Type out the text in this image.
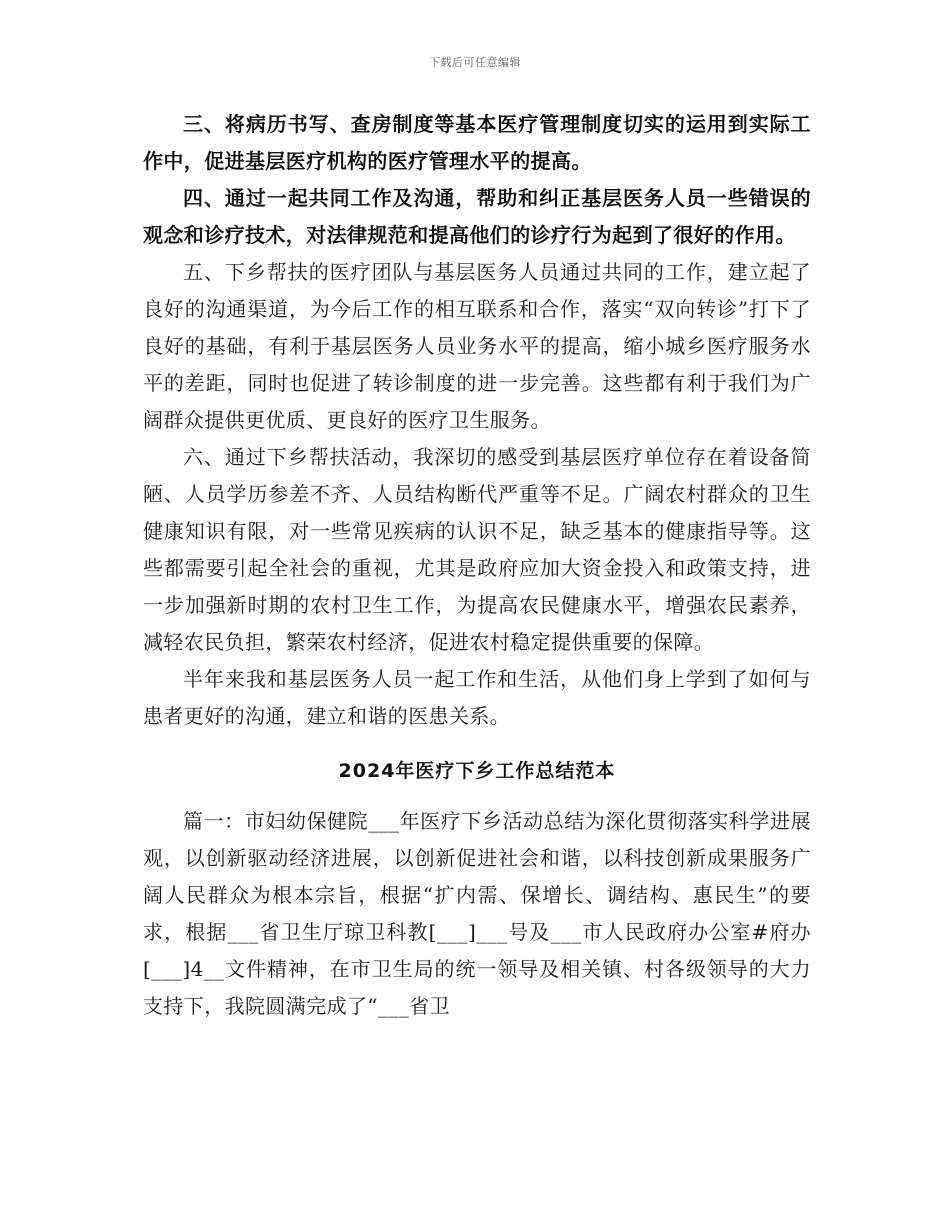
下载后可任意编辑

三、将病历书写、查房制度等基本医疗管理制度切实的运用到实际工作中，促进基层医疗机构的医疗管理水平的提高。

四、通过一起共同工作及沟通，帮助和纠正基层医务人员一些错误的观念和诊疗技术，对法律规范和提高他们的诊疗行为起到了很好的作用。

五、下乡帮扶的医疗团队与基层医务人员通过共同的工作，建立起了良好的沟通渠道，为今后工作的相互联系和合作，落实“双向转诊”打下了良好的基础，有利于基层医务人员业务水平的提高，缩小城乡医疗服务水平的差距，同时也促进了转诊制度的进一步完善。这些都有利于我们为广阔群众提供更优质、更良好的医疗卫生服务。

六、通过下乡帮扶活动，我深切的感受到基层医疗单位存在着设备简陋、人员学历参差不齐、人员结构断代严重等不足。广阔农村群众的卫生健康知识有限，对一些常见疾病的认识不足，缺乏基本的健康指导等。这些都需要引起全社会的重视，尤其是政府应加大资金投入和政策支持，进一步加强新时期的农村卫生工作，为提高农民健康水平，增强农民素养，减轻农民负担，繁荣农村经济，促进农村稳定提供重要的保障。

半年来我和基层医务人员一起工作和生活，从他们身上学到了如何与患者更好的沟通，建立和谐的医患关系。

2024年医疗下乡工作总结范本

篇一：市妇幼保健院___年医疗下乡活动总结为深化贯彻落实科学进展观，以创新驱动经济进展，以创新促进社会和谐，以科技创新成果服务广阔人民群众为根本宗旨，根据“扩内需、保增长、调结构、惠民生”的要求，根据___省卫生厅琼卫科教[___]___号及___市人民政府办公室#府办[___]4__文件精神，在市卫生局的统一领导及相关镇、村各级领导的大力支持下，我院圆满完成了“___省卫
